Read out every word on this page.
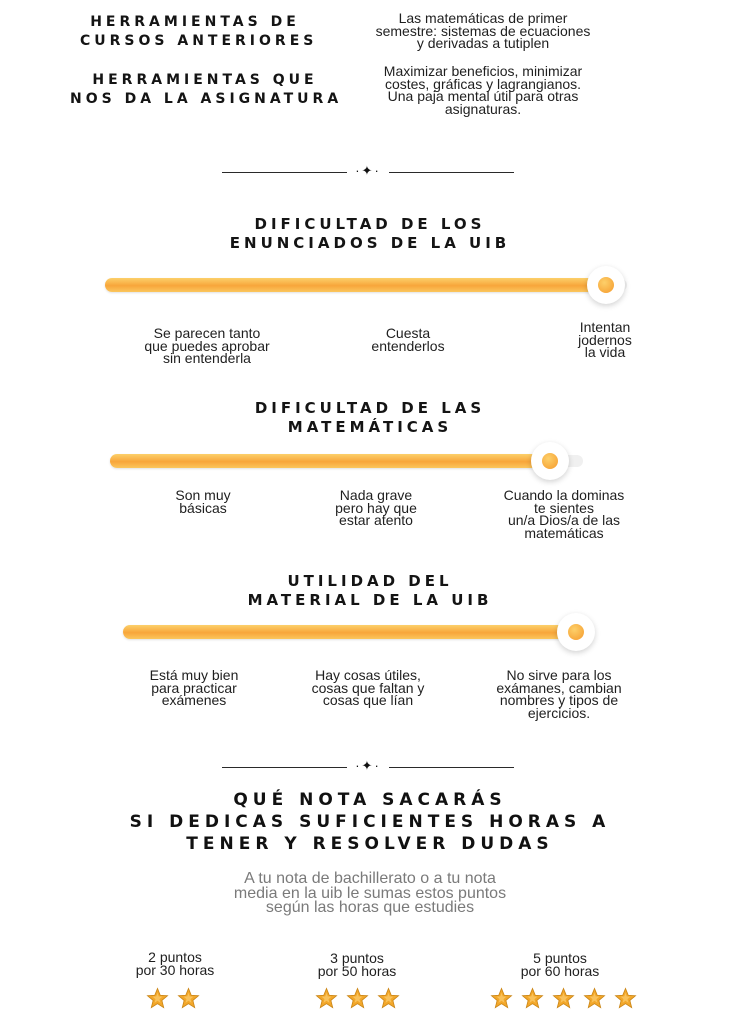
HERRAMIENTAS DE
CURSOS ANTERIORES
Las matemáticas de primer
semestre: sistemas de ecuaciones
y derivadas a tutiplen
HERRAMIENTAS QUE
NOS DA LA ASIGNATURA
Maximizar beneficios, minimizar
costes, gráficas y lagrangianos.
Una paja mental útil para otras
asignaturas.
·✦·
DIFICULTAD DE LOS
ENUNCIADOS DE LA UIB
Se parecen tanto
que puedes aprobar
sin entenderla
Cuesta
entenderlos
Intentan
jodernos
la vida
DIFICULTAD DE LAS
MATEMÁTICAS
Son muy
básicas
Nada grave
pero hay que
estar atento
Cuando la dominas
te sientes
un/a Dios/a de las
matemáticas
UTILIDAD DEL
MATERIAL DE LA UIB
Está muy bien
para practicar
exámenes
Hay cosas útiles,
cosas que faltan y
cosas que lían
No sirve para los
exámanes, cambian
nombres y tipos de
ejercicios.
·✦·
QUÉ NOTA SACARÁS
SI DEDICAS SUFICIENTES HORAS A
TENER Y RESOLVER DUDAS
A tu nota de bachillerato o a tu nota
media en la uib le sumas estos puntos
según las horas que estudies
2 puntos
por 30 horas
3 puntos
por 50 horas
5 puntos
por 60 horas
